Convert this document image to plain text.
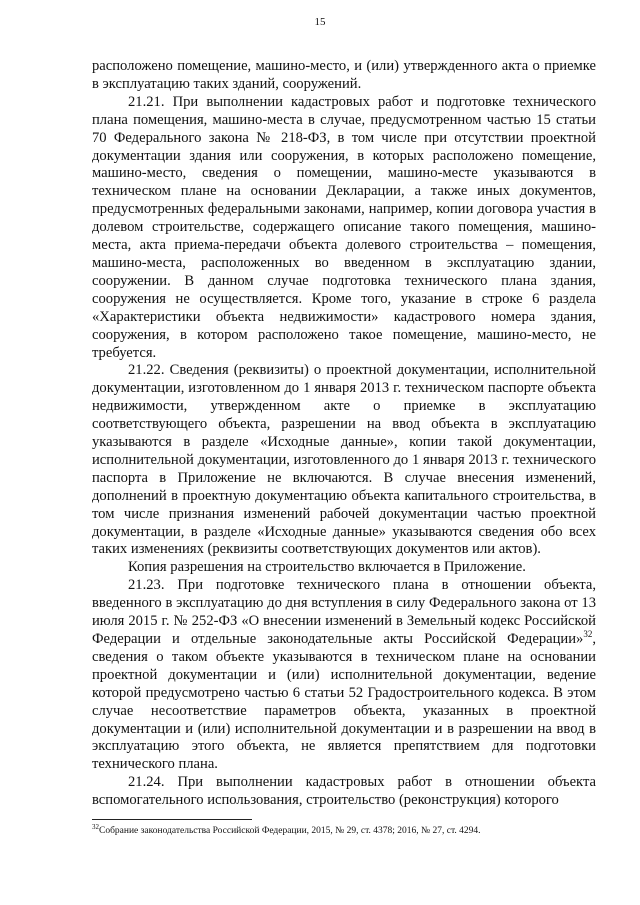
15

расположено помещение, машино-место, и (или) утвержденного акта о приемке в эксплуатацию таких зданий, сооружений.

21.21. При выполнении кадастровых работ и подготовке технического плана помещения, машино-места в случае, предусмотренном частью 15 статьи 70 Федерального закона № 218-ФЗ, в том числе при отсутствии проектной документации здания или сооружения, в которых расположено помещение, машино-место, сведения о помещении, машино-месте указываются в техническом плане на основании Декларации, а также иных документов, предусмотренных федеральными законами, например, копии договора участия в долевом строительстве, содержащего описание такого помещения, машино-места, акта приема-передачи объекта долевого строительства – помещения, машино-места, расположенных во введенном в эксплуатацию здании, сооружении. В данном случае подготовка технического плана здания, сооружения не осуществляется. Кроме того, указание в строке 6 раздела «Характеристики объекта недвижимости» кадастрового номера здания, сооружения, в котором расположено такое помещение, машино-место, не требуется.

21.22. Сведения (реквизиты) о проектной документации, исполнительной документации, изготовленном до 1 января 2013 г. техническом паспорте объекта недвижимости, утвержденном акте о приемке в эксплуатацию соответствующего объекта, разрешении на ввод объекта в эксплуатацию указываются в разделе «Исходные данные», копии такой документации, исполнительной документации, изготовленного до 1 января 2013 г. технического паспорта в Приложение не включаются. В случае внесения изменений, дополнений в проектную документацию объекта капитального строительства, в том числе признания изменений рабочей документации частью проектной документации, в разделе «Исходные данные» указываются сведения обо всех таких изменениях (реквизиты соответствующих документов или актов).

Копия разрешения на строительство включается в Приложение.

21.23. При подготовке технического плана в отношении объекта, введенного в эксплуатацию до дня вступления в силу Федерального закона от 13 июля 2015 г. № 252-ФЗ «О внесении изменений в Земельный кодекс Российской Федерации и отдельные законодательные акты Российской Федерации»$^{32}$, сведения о таком объекте указываются в техническом плане на основании проектной документации и (или) исполнительной документации, ведение которой предусмотрено частью 6 статьи 52 Градостроительного кодекса. В этом случае несоответствие параметров объекта, указанных в проектной документации и (или) исполнительной документации и в разрешении на ввод в эксплуатацию этого объекта, не является препятствием для подготовки технического плана.

21.24. При выполнении кадастровых работ в отношении объекта вспомогательного использования, строительство (реконструкция) которого

$^{32}$Собрание законодательства Российской Федерации, 2015, № 29, ст. 4378; 2016, № 27, ст. 4294.
